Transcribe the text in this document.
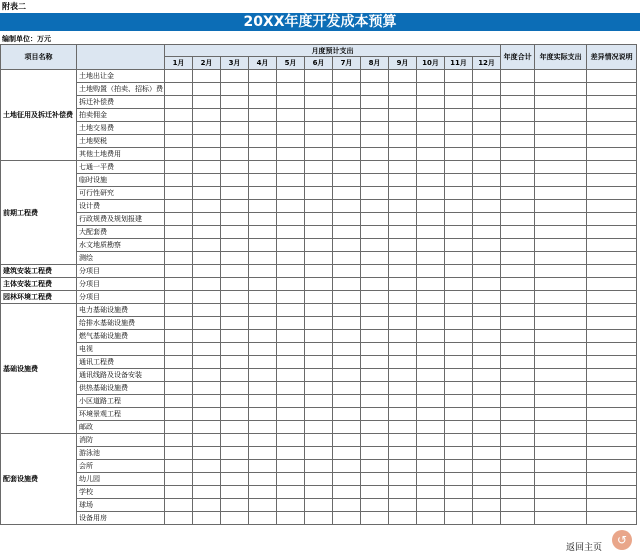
附表二
20XX年度开发成本预算
编制单位：万元
项目名称		月度预计支出												年度合计	年度实际支出	差异情况说明
		1月	2月	3月	4月	5月	6月	7月	8月	9月	10月	11月	12月			
土地征用及拆迁补偿费	土地出让金															
	土地购置（拍卖、招标）费															
	拆迁补偿费															
	拍卖佣金															
	土地交易费															
	土地契税															
	其他土地费用															
前期工程费	七通一平费															
	临时设施															
	可行性研究															
	设计费															
	行政规费及规划报建															
	大配套费															
	水文地质勘察															
	测绘															
建筑安装工程费	分项目															
主体安装工程费	分项目															
园林环境工程费	分项目															
基础设施费	电力基础设施费															
	给排水基础设施费															
	燃气基础设施费															
	电视															
	通讯工程费															
	通讯线路及设备安装															
	供热基础设施费															
	小区道路工程															
	环境景观工程															
	邮政															
配套设施费	消防															
	游泳池															
	会所															
	幼儿园															
	学校															
	球场															
	设备用房															
返回主页
↺
